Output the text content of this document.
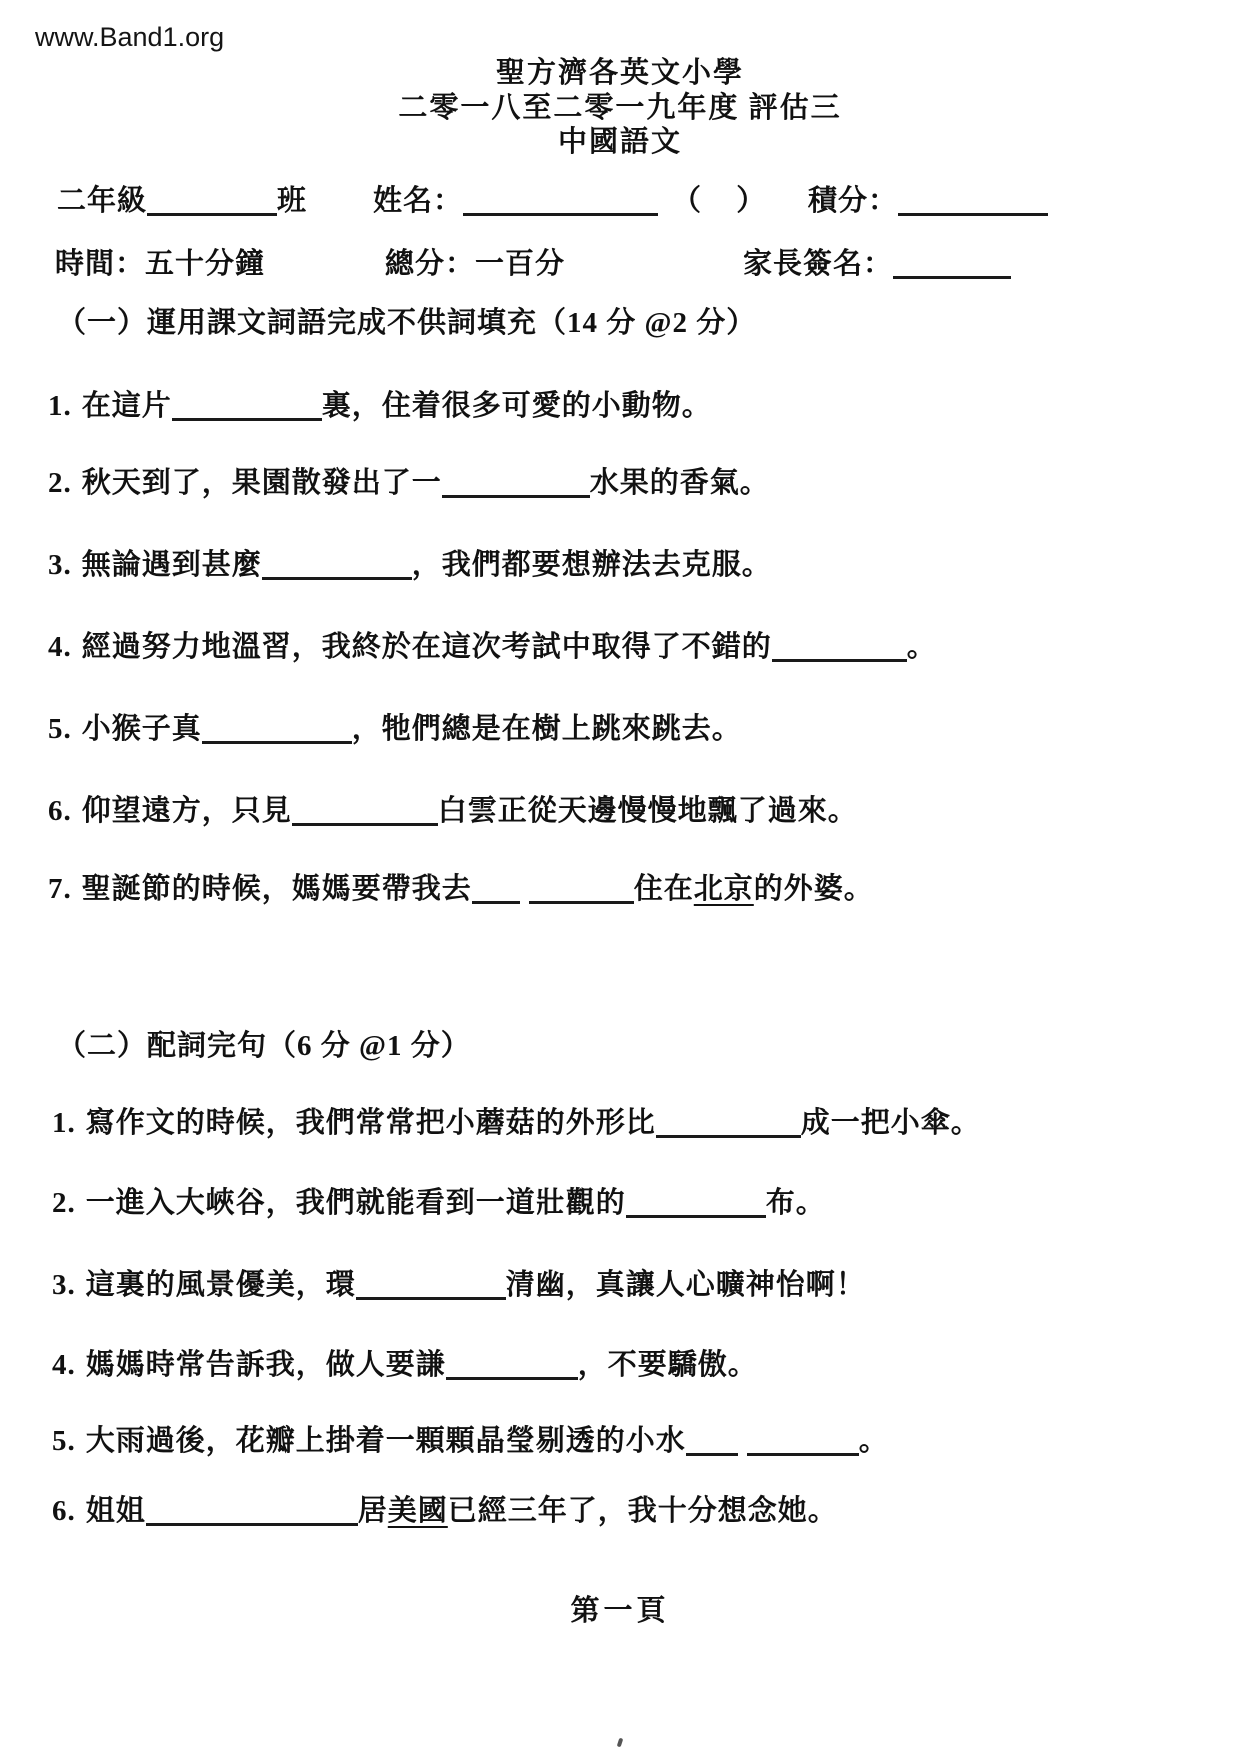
www.Band1.org
聖方濟各英文小學
二零一八至二零一九年度 評估三
中國語文
二年級	班 姓名：	（ ） 積分：
時間：五十分鐘	總分：一百分	家長簽名：
（一）運用課文詞語完成不供詞填充（14 分 @2 分）
1. 在這片	裏，住着很多可愛的小動物。
2. 秋天到了，果園散發出了一	水果的香氣。
3. 無論遇到甚麼	，我們都要想辦法去克服。
4. 經過努力地溫習，我終於在這次考試中取得了不錯的	。
5. 小猴子真	，牠們總是在樹上跳來跳去。
6. 仰望遠方，只見	白雲正從天邊慢慢地飄了過來。
7. 聖誕節的時候，媽媽要帶我去	住在北京的外婆。
（二）配詞完句（6 分 @1 分）
1. 寫作文的時候，我們常常把小蘑菇的外形比	成一把小傘。
2. 一進入大峽谷，我們就能看到一道壯觀的	布。
3. 這裏的風景優美，環	清幽，真讓人心曠神怡啊！
4. 媽媽時常告訴我，做人要謙	，不要驕傲。
5. 大雨過後，花瓣上掛着一顆顆晶瑩剔透的小水	。
6. 姐姐	居美國已經三年了，我十分想念她。
第一頁
